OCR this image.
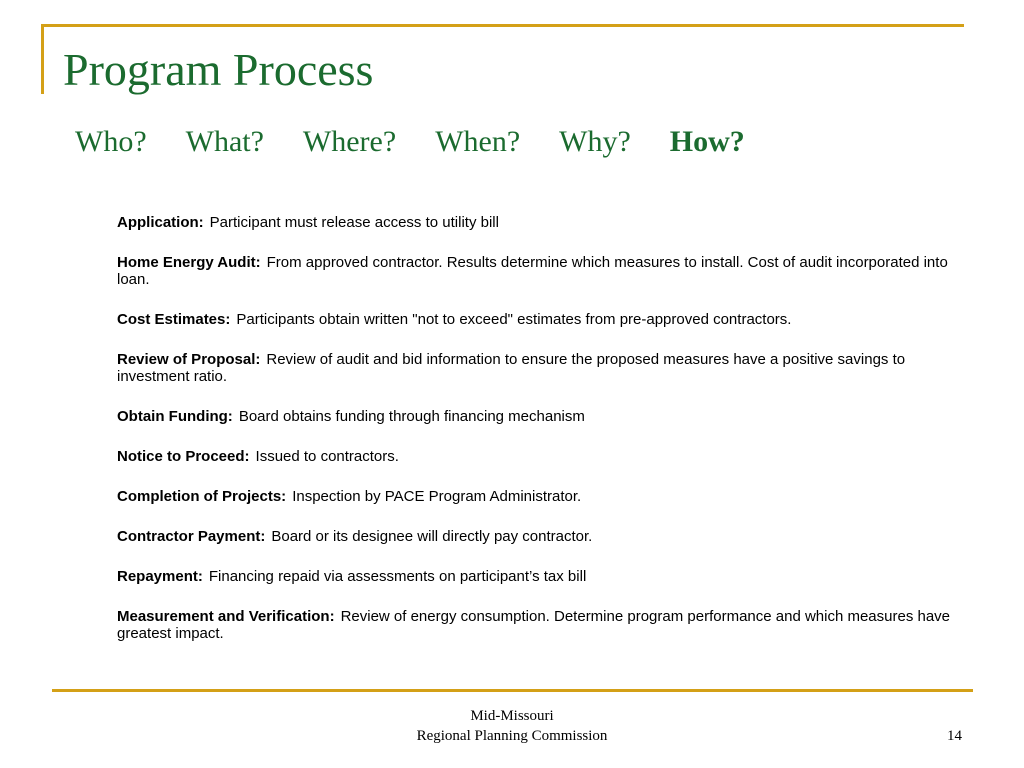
Program Process
Who? What? Where? When? Why? How?
Application: Participant must release access to utility bill
Home Energy Audit: From approved contractor. Results determine which measures to install. Cost of audit incorporated into loan.
Cost Estimates: Participants obtain written "not to exceed" estimates from pre-approved contractors.
Review of Proposal: Review of audit and bid information to ensure the proposed measures have a positive savings to investment ratio.
Obtain Funding: Board obtains funding through financing mechanism
Notice to Proceed: Issued to contractors.
Completion of Projects: Inspection by PACE Program Administrator.
Contractor Payment: Board or its designee will directly pay contractor.
Repayment: Financing repaid via assessments on participant’s tax bill
Measurement and Verification: Review of energy consumption. Determine program performance and which measures have greatest impact.
Mid-Missouri
Regional Planning Commission	14
